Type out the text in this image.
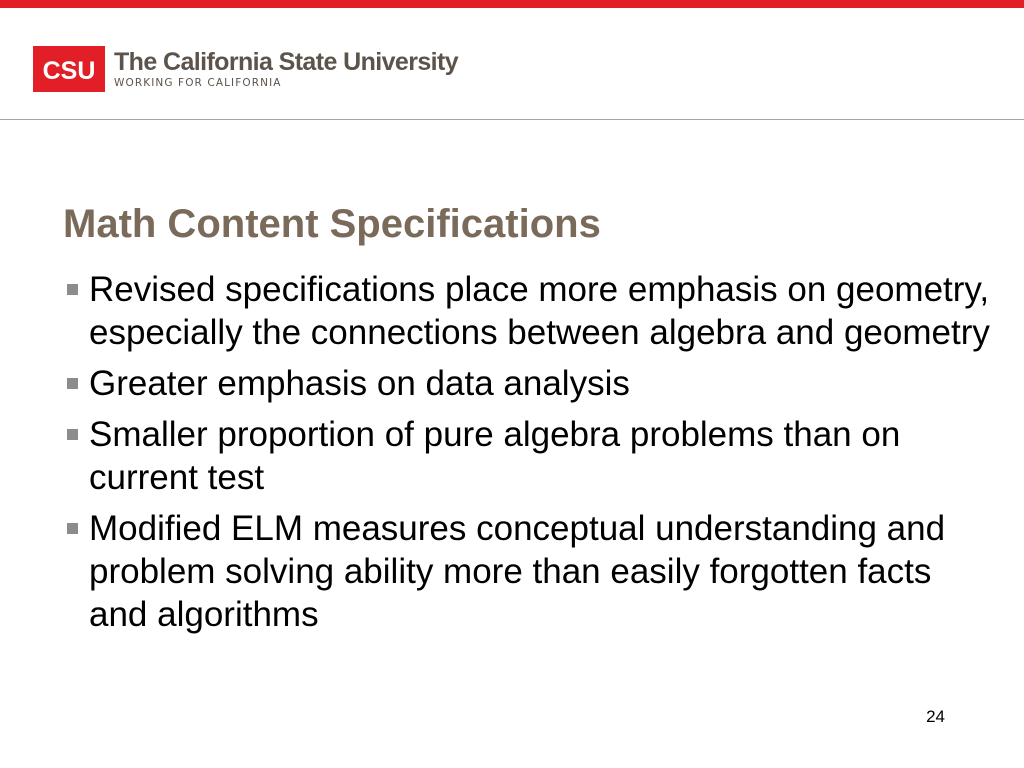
CSU The California State University
WORKING FOR CALIFORNIA
Math Content Specifications
Revised specifications place more emphasis on geometry, especially the connections between algebra and geometry
Greater emphasis on data analysis
Smaller proportion of pure algebra problems than on current test
Modified ELM measures conceptual understanding and problem solving ability more than easily forgotten facts and algorithms
24
